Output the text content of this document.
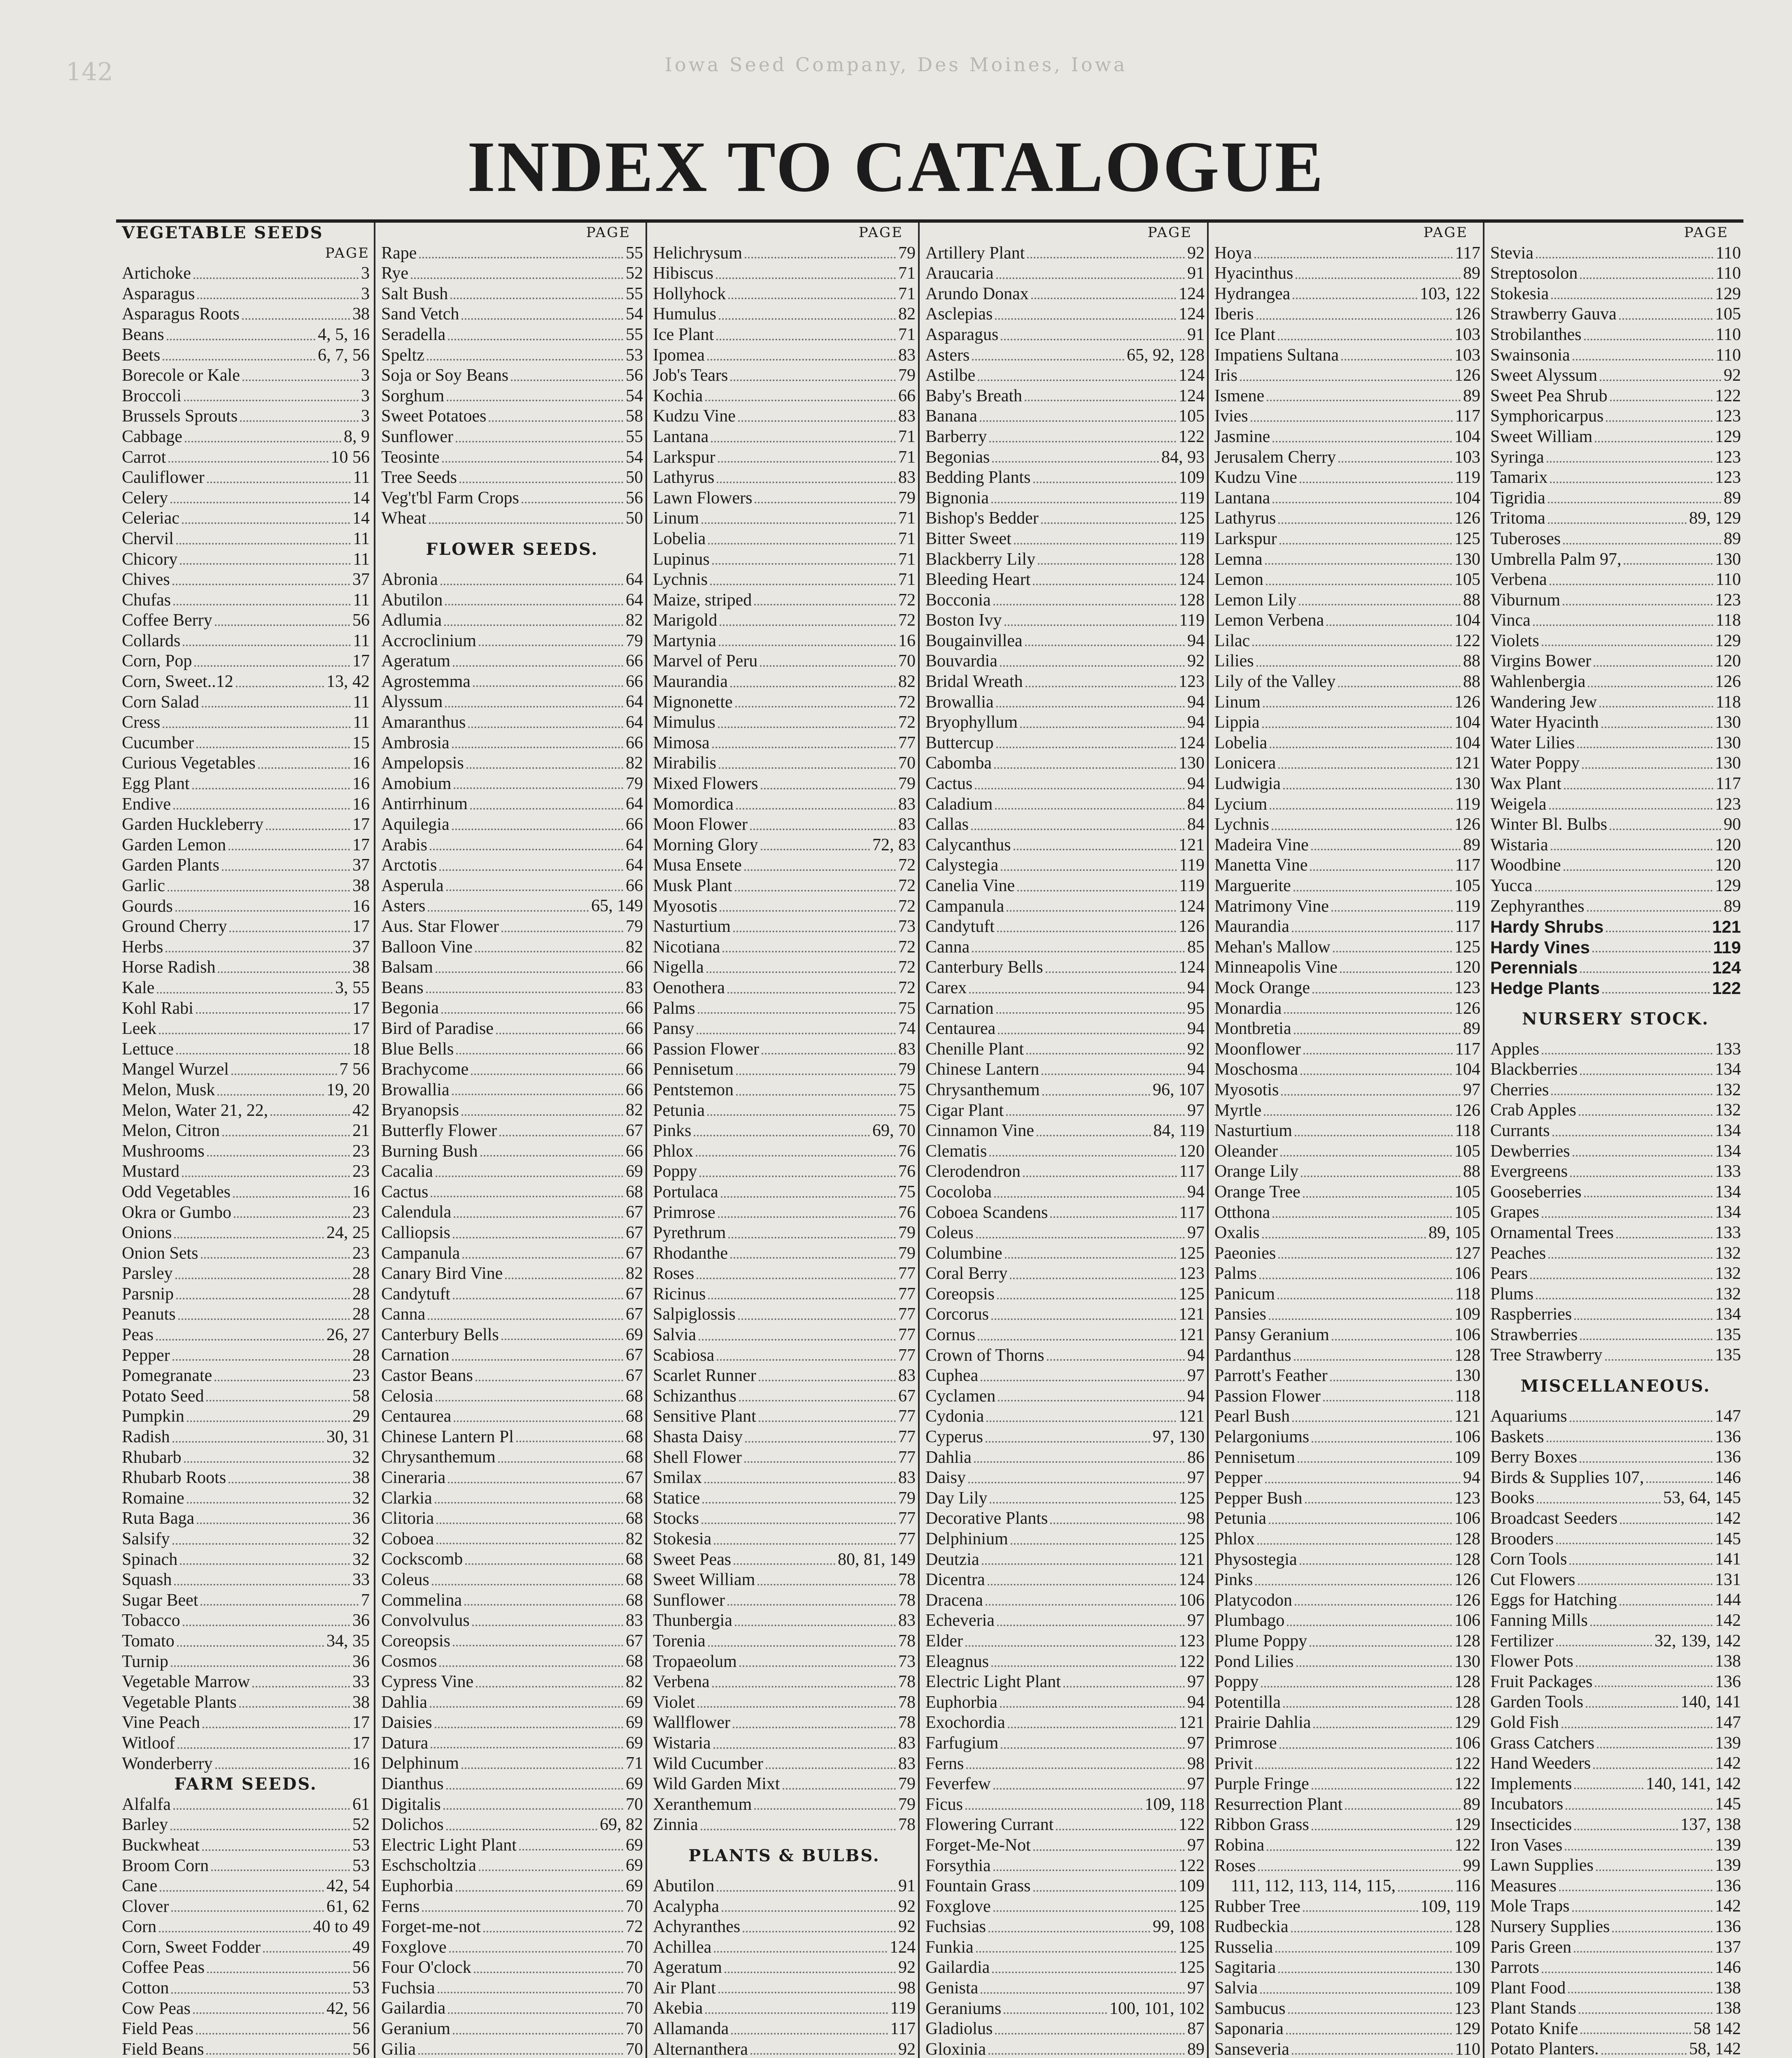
142	Iowa Seed Company, Des Moines, Iowa
INDEX TO CATALOGUE
VEGETABLE SEEDS
PAGE
Artichoke	3
Asparagus	3
Asparagus Roots	38
Beans	4, 5, 16
Beets	6, 7, 56
Borecole or Kale	3
Broccoli	3
Brussels Sprouts	3
Cabbage	8, 9
Carrot	10 56
Cauliflower	11
Celery	14
Celeriac	14
Chervil	11
Chicory	11
Chives	37
Chufas	11
Coffee Berry	56
Collards	11
Corn, Pop	17
Corn, Sweet..12	13, 42
Corn Salad	11
Cress	11
Cucumber	15
Curious Vegetables	16
Egg Plant	16
Endive	16
Garden Huckleberry	17
Garden Lemon	17
Garden Plants	37
Garlic	38
Gourds	16
Ground Cherry	17
Herbs	37
Horse Radish	38
Kale	3, 55
Kohl Rabi	17
Leek	17
Lettuce	18
Mangel Wurzel	7 56
Melon, Musk	19, 20
Melon, Water 21, 22,	42
Melon, Citron	21
Mushrooms	23
Mustard	23
Odd Vegetables	16
Okra or Gumbo	23
Onions	24, 25
Onion Sets	23
Parsley	28
Parsnip	28
Peanuts	28
Peas	26, 27
Pepper	28
Pomegranate	23
Potato Seed	58
Pumpkin	29
Radish	30, 31
Rhubarb	32
Rhubarb Roots	38
Romaine	32
Ruta Baga	36
Salsify	32
Spinach	32
Squash	33
Sugar Beet	7
Tobacco	36
Tomato	34, 35
Turnip	36
Vegetable Marrow	33
Vegetable Plants	38
Vine Peach	17
Witloof	17
Wonderberry	16
FARM SEEDS.
Alfalfa	61
Barley	52
Buckwheat	53
Broom Corn	53
Cane	42, 54
Clover	61, 62
Corn	40 to 49
Corn, Sweet Fodder	49
Coffee Peas	56
Cotton	53
Cow Peas	42, 56
Field Peas	56
Field Beans	56
PAGE
Rape	55
Rye	52
Salt Bush	55
Sand Vetch	54
Seradella	55
Speltz	53
Soja or Soy Beans	56
Sorghum	54
Sweet Potatoes	58
Sunflower	55
Teosinte	54
Tree Seeds	50
Veg't'bl Farm Crops	56
Wheat	50
FLOWER SEEDS.
Abronia	64
Abutilon	64
Adlumia	82
Accroclinium	79
Ageratum	66
Agrostemma	66
Alyssum	64
Amaranthus	64
Ambrosia	66
Ampelopsis	82
Amobium	79
Antirrhinum	64
Aquilegia	66
Arabis	64
Arctotis	64
Asperula	66
Asters	65, 149
Aus. Star Flower	79
Balloon Vine	82
Balsam	66
Beans	83
Begonia	66
Bird of Paradise	66
Blue Bells	66
Brachycome	66
Browallia	66
Bryanopsis	82
Butterfly Flower	67
Burning Bush	66
Cacalia	69
Cactus	68
Calendula	67
Calliopsis	67
Campanula	67
Canary Bird Vine	82
Candytuft	67
Canna	67
Canterbury Bells	69
Carnation	67
Castor Beans	67
Celosia	68
Centaurea	68
Chinese Lantern Pl	68
Chrysanthemum	68
Cineraria	67
Clarkia	68
Clitoria	68
Coboea	82
Cockscomb	68
Coleus	68
Commelina	68
Convolvulus	83
Coreopsis	67
Cosmos	68
Cypress Vine	82
Dahlia	69
Daisies	69
Datura	69
Delphinum	71
Dianthus	69
Digitalis	70
Dolichos	69, 82
Electric Light Plant	69
Eschscholtzia	69
Euphorbia	69
Ferns	70
Forget-me-not	72
Foxglove	70
Four O'clock	70
Fuchsia	70
Gailardia	70
Geranium	70
Gilia	70
PAGE
Helichrysum	79
Hibiscus	71
Hollyhock	71
Humulus	82
Ice Plant	71
Ipomea	83
Job's Tears	79
Kochia	66
Kudzu Vine	83
Lantana	71
Larkspur	71
Lathyrus	83
Lawn Flowers	79
Linum	71
Lobelia	71
Lupinus	71
Lychnis	71
Maize, striped	72
Marigold	72
Martynia	16
Marvel of Peru	70
Maurandia	82
Mignonette	72
Mimulus	72
Mimosa	77
Mirabilis	70
Mixed Flowers	79
Momordica	83
Moon Flower	83
Morning Glory	72, 83
Musa Ensete	72
Musk Plant	72
Myosotis	72
Nasturtium	73
Nicotiana	72
Nigella	72
Oenothera	72
Palms	75
Pansy	74
Passion Flower	83
Pennisetum	79
Pentstemon	75
Petunia	75
Pinks	69, 70
Phlox	76
Poppy	76
Portulaca	75
Primrose	76
Pyrethrum	79
Rhodanthe	79
Roses	77
Ricinus	77
Salpiglossis	77
Salvia	77
Scabiosa	77
Scarlet Runner	83
Schizanthus	67
Sensitive Plant	77
Shasta Daisy	77
Shell Flower	77
Smilax	83
Statice	79
Stocks	77
Stokesia	77
Sweet Peas	80, 81, 149
Sweet William	78
Sunflower	78
Thunbergia	83
Torenia	78
Tropaeolum	73
Verbena	78
Violet	78
Wallflower	78
Wistaria	83
Wild Cucumber	83
Wild Garden Mixt	79
Xeranthemum	79
Zinnia	78
PLANTS & BULBS.
Abutilon	91
Acalypha	92
Achyranthes	92
Achillea	124
Ageratum	92
Air Plant	98
Akebia	119
Allamanda	117
Alternanthera	92
PAGE
Artillery Plant	92
Araucaria	91
Arundo Donax	124
Asclepias	124
Asparagus	91
Asters	65, 92, 128
Astilbe	124
Baby's Breath	124
Banana	105
Barberry	122
Begonias	84, 93
Bedding Plants	109
Bignonia	119
Bishop's Bedder	125
Bitter Sweet	119
Blackberry Lily	128
Bleeding Heart	124
Bocconia	128
Boston Ivy	119
Bougainvillea	94
Bouvardia	92
Bridal Wreath	123
Browallia	94
Bryophyllum	94
Buttercup	124
Cabomba	130
Cactus	94
Caladium	84
Callas	84
Calycanthus	121
Calystegia	119
Canelia Vine	119
Campanula	124
Candytuft	126
Canna	85
Canterbury Bells	124
Carex	94
Carnation	95
Centaurea	94
Chenille Plant	92
Chinese Lantern	94
Chrysanthemum	96, 107
Cigar Plant	97
Cinnamon Vine	84, 119
Clematis	120
Clerodendron	117
Cocoloba	94
Coboea Scandens	117
Coleus	97
Columbine	125
Coral Berry	123
Coreopsis	125
Corcorus	121
Cornus	121
Crown of Thorns	94
Cuphea	97
Cyclamen	94
Cydonia	121
Cyperus	97, 130
Dahlia	86
Daisy	97
Day Lily	125
Decorative Plants	98
Delphinium	125
Deutzia	121
Dicentra	124
Dracena	106
Echeveria	97
Elder	123
Eleagnus	122
Electric Light Plant	97
Euphorbia	94
Exochordia	121
Farfugium	97
Ferns	98
Feverfew	97
Ficus	109, 118
Flowering Currant	122
Forget-Me-Not	97
Forsythia	122
Fountain Grass	109
Foxglove	125
Fuchsias	99, 108
Funkia	125
Gailardia	125
Genista	97
Geraniums	100, 101, 102
Gladiolus	87
Gloxinia	89
PAGE
Hoya	117
Hyacinthus	89
Hydrangea	103, 122
Iberis	126
Ice Plant	103
Impatiens Sultana	103
Iris	126
Ismene	89
Ivies	117
Jasmine	104
Jerusalem Cherry	103
Kudzu Vine	119
Lantana	104
Lathyrus	126
Larkspur	125
Lemna	130
Lemon	105
Lemon Lily	88
Lemon Verbena	104
Lilac	122
Lilies	88
Lily of the Valley	88
Linum	126
Lippia	104
Lobelia	104
Lonicera	121
Ludwigia	130
Lycium	119
Lychnis	126
Madeira Vine	89
Manetta Vine	117
Marguerite	105
Matrimony Vine	119
Maurandia	117
Mehan's Mallow	125
Minneapolis Vine	120
Mock Orange	123
Monardia	126
Montbretia	89
Moonflower	117
Moschosma	104
Myosotis	97
Myrtle	126
Nasturtium	118
Oleander	105
Orange Lily	88
Orange Tree	105
Otthona	105
Oxalis	89, 105
Paeonies	127
Palms	106
Panicum	118
Pansies	109
Pansy Geranium	106
Pardanthus	128
Parrott's Feather	130
Passion Flower	118
Pearl Bush	121
Pelargoniums	106
Pennisetum	109
Pepper	94
Pepper Bush	123
Petunia	106
Phlox	128
Physostegia	128
Pinks	126
Platycodon	126
Plumbago	106
Plume Poppy	128
Pond Lilies	130
Poppy	128
Potentilla	128
Prairie Dahlia	129
Primrose	106
Privit	122
Purple Fringe	122
Resurrection Plant	89
Ribbon Grass	129
Robina	122
Roses	99
111, 112, 113, 114, 115,	116
Rubber Tree	109, 119
Rudbeckia	128
Russelia	109
Sagitaria	130
Salvia	109
Sambucus	123
Saponaria	129
Sanseveria	110
PAGE
Stevia	110
Streptosolon	110
Stokesia	129
Strawberry Gauva	105
Strobilanthes	110
Swainsonia	110
Sweet Alyssum	92
Sweet Pea Shrub	122
Symphoricarpus	123
Sweet William	129
Syringa	123
Tamarix	123
Tigridia	89
Tritoma	89, 129
Tuberoses	89
Umbrella Palm 97,	130
Verbena	110
Viburnum	123
Vinca	118
Violets	129
Virgins Bower	120
Wahlenbergia	126
Wandering Jew	118
Water Hyacinth	130
Water Lilies	130
Water Poppy	130
Wax Plant	117
Weigela	123
Winter Bl. Bulbs	90
Wistaria	120
Woodbine	120
Yucca	129
Zephyranthes	89
Hardy Shrubs	121
Hardy Vines	119
Perennials	124
Hedge Plants	122
NURSERY STOCK.
Apples	133
Blackberries	134
Cherries	132
Crab Apples	132
Currants	134
Dewberries	134
Evergreens	133
Gooseberries	134
Grapes	134
Ornamental Trees	133
Peaches	132
Pears	132
Plums	132
Raspberries	134
Strawberries	135
Tree Strawberry	135
MISCELLANEOUS.
Aquariums	147
Baskets	136
Berry Boxes	136
Birds & Supplies 107,	146
Books	53, 64, 145
Broadcast Seeders	142
Brooders	145
Corn Tools	141
Cut Flowers	131
Eggs for Hatching	144
Fanning Mills	142
Fertilizer	32, 139, 142
Flower Pots	138
Fruit Packages	136
Garden Tools	140, 141
Gold Fish	147
Grass Catchers	139
Hand Weeders	142
Implements	140, 141, 142
Incubators	145
Insecticides	137, 138
Iron Vases	139
Lawn Supplies	139
Measures	136
Mole Traps	142
Nursery Supplies	136
Paris Green	137
Parrots	146
Plant Food	138
Plant Stands	138
Potato Knife	58 142
Potato Planters.	58, 142
